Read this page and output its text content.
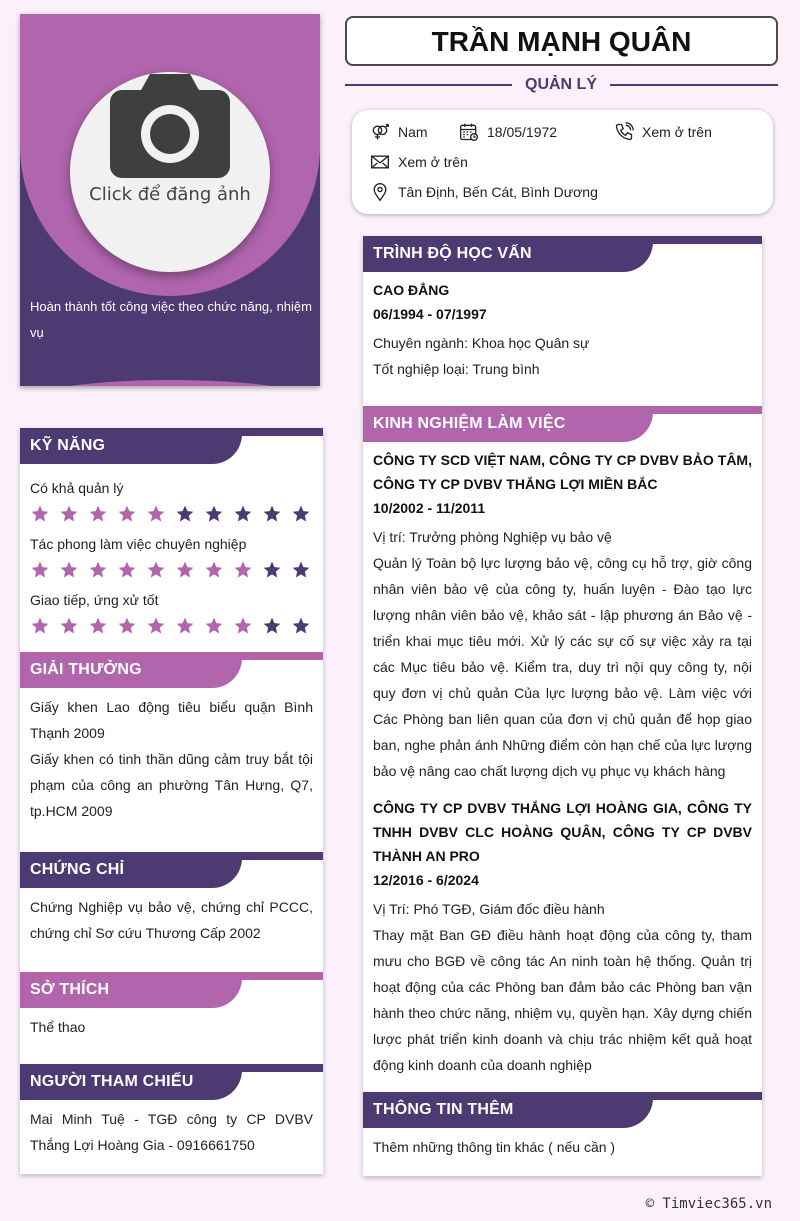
Click để đăng ảnh
Hoàn thành tốt công việc theo chức năng, nhiệm vụ
KỸ NĂNG
Có khả quản lý
Tác phong làm việc chuyên nghiệp
Giao tiếp, ứng xử tốt
GIẢI THƯỞNG
Giấy khen Lao động tiêu biểu quận Bình Thạnh 2009
Giấy khen có tinh thần dũng cảm truy bắt tội phạm của công an phường Tân Hưng, Q7, tp.HCM 2009
CHỨNG CHỈ
Chứng Nghiệp vụ bảo vệ, chứng chỉ PCCC, chứng chỉ Sơ cứu Thương Cấp 2002
SỞ THÍCH
Thể thao
NGƯỜI THAM CHIẾU
Mai Minh Tuệ - TGĐ công ty CP DVBV Thắng Lợi Hoàng Gia - 0916661750
TRẦN MẠNH QUÂN
QUẢN LÝ
Nam	18/05/1972	Xem ở trên
Xem ở trên
Tân Định, Bến Cát, Bình Dương
TRÌNH ĐỘ HỌC VẤN
CAO ĐẲNG
06/1994 - 07/1997
Chuyên ngành: Khoa học Quân sự
Tốt nghiệp loại: Trung bình
KINH NGHIỆM LÀM VIỆC
CÔNG TY SCD VIỆT NAM, CÔNG TY CP DVBV BẢO TÂM, CÔNG TY CP DVBV THẮNG LỢI MIỀN BẮC
10/2002 - 11/2011
Vị trí: Trưởng phòng Nghiệp vụ bảo vệ
Quản lý Toàn bộ lực lượng bảo vệ, công cụ hỗ trợ, giờ công nhân viên bảo vệ của công ty, huấn luyện - Đào tạo lực lượng nhân viên bảo vệ, khảo sát - lập phương án Bảo vệ - triển khai mục tiêu mới. Xử lý các sự cố sự việc xảy ra tại các Mục tiêu bảo vệ. Kiểm tra, duy trì nội quy công ty, nội quy đơn vị chủ quản Của lực lượng bảo vệ. Làm việc với Các Phòng ban liên quan của đơn vị chủ quản để họp giao ban, nghe phản ánh Những điểm còn hạn chế của lực lượng bảo vệ nâng cao chất lượng dịch vụ phục vụ khách hàng
CÔNG TY CP DVBV THẮNG LỢI HOÀNG GIA, CÔNG TY TNHH DVBV CLC HOÀNG QUÂN, CÔNG TY CP DVBV THÀNH AN PRO
12/2016 - 6/2024
Vị Trí: Phó TGĐ, Giám đốc điều hành
Thay mặt Ban GĐ điều hành hoạt động của công ty, tham mưu cho BGĐ về công tác An ninh toàn hệ thống. Quản trị hoạt động của các Phòng ban đảm bảo các Phòng ban vận hành theo chức năng, nhiệm vụ, quyền hạn. Xây dựng chiến lược phát triển kinh doanh và chịu trác nhiệm kết quả hoạt động kinh doanh của doanh nghiệp
THÔNG TIN THÊM
Thêm những thông tin khác ( nếu cần )
© Timviec365.vn
